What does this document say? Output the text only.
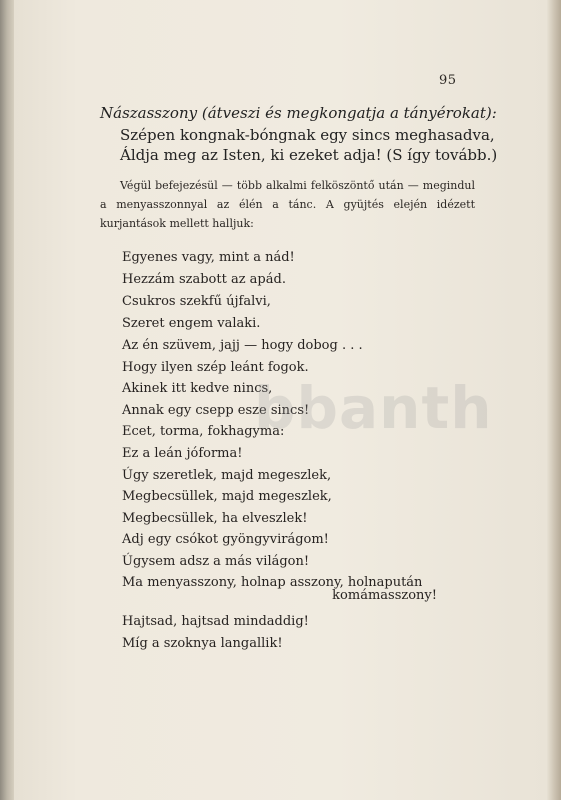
95
Nászasszony (átveszi és megkongatja a tányérokat):
Szépen kongnak-bóngnak egy sincs meghasadva,
Áldja meg az Isten, ki ezeket adja! (S így tovább.)
Végül befejezésül — több alkalmi felköszöntő után — megindul a menyasszonnyal az élén a tánc. A gyüjtés elején idézett kurjantások mellett halljuk:
Egyenes vagy, mint a nád!
Hezzám szabott az apád.
Csukros szekfű újfalvi,
Szeret engem valaki.
Az én szüvem, jajj — hogy dobog . . .
Hogy ilyen szép leánt fogok.
Akinek itt kedve nincs,
Annak egy csepp esze sincs!
Ecet, torma, fokhagyma:
Ez a leán jóforma!
Úgy szeretlek, majd megeszlek,
Megbecsüllek, majd megeszlek,
Megbecsüllek, ha elveszlek!
Adj egy csókot gyöngyvirágom!
Úgysem adsz a más világon!
Ma menyasszony, holnap asszony, holnapután
komámasszony!
Hajtsad, hajtsad mindaddig!
Míg a szoknya langallik!
bbanth
